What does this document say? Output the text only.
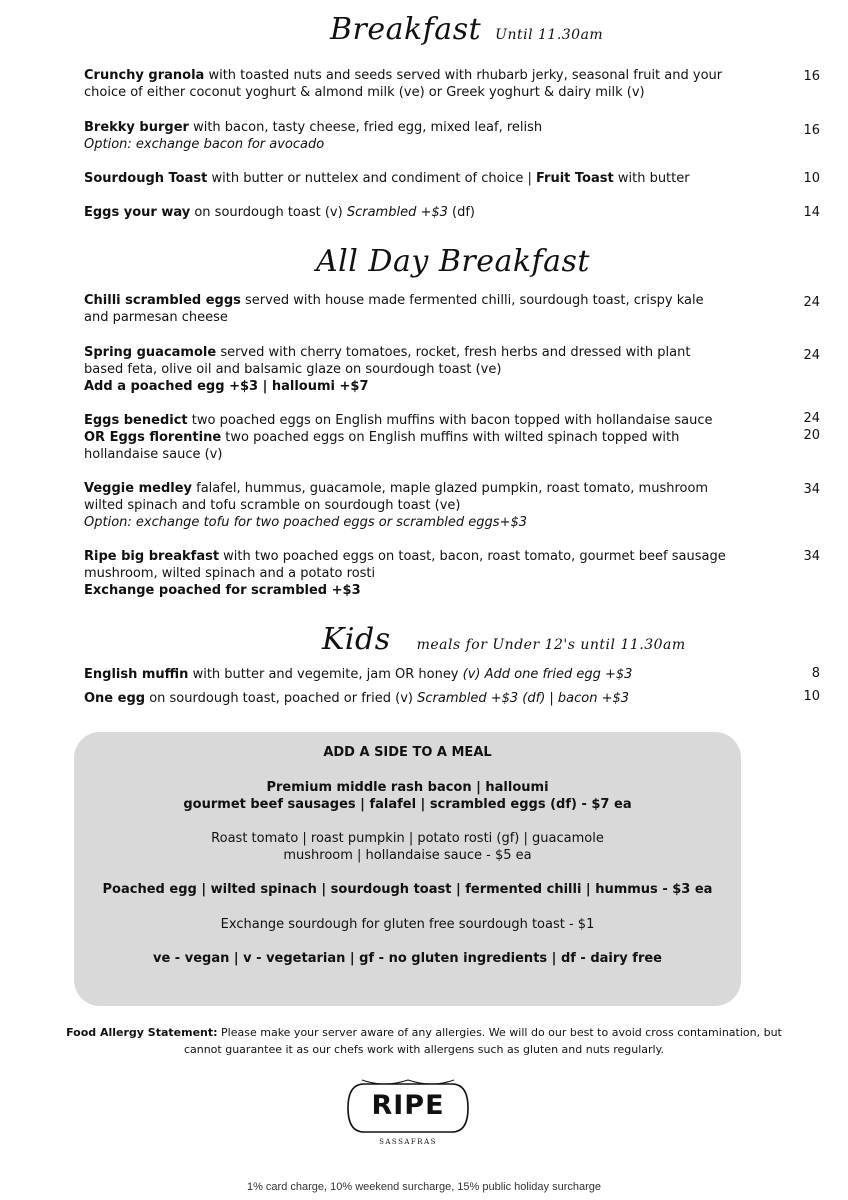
Breakfast Until 11.30am
Crunchy granola with toasted nuts and seeds served with rhubarb jerky, seasonal fruit and your
choice of either coconut yoghurt & almond milk (ve) or Greek yoghurt & dairy milk (v)
16
Brekky burger with bacon, tasty cheese, fried egg, mixed leaf, relish
Option: exchange bacon for avocado
16
Sourdough Toast with butter or nuttelex and condiment of choice | Fruit Toast with butter	10
Eggs your way on sourdough toast (v) Scrambled +$3 (df)	14
All Day Breakfast
Chilli scrambled eggs served with house made fermented chilli, sourdough toast, crispy kale
and parmesan cheese
24
Spring guacamole served with cherry tomatoes, rocket, fresh herbs and dressed with plant
based feta, olive oil and balsamic glaze on sourdough toast (ve)
Add a poached egg +$3 | halloumi +$7
24
Eggs benedict two poached eggs on English muffins with bacon topped with hollandaise sauce
OR Eggs florentine two poached eggs on English muffins with wilted spinach topped with
hollandaise sauce (v)
24
20
Veggie medley falafel, hummus, guacamole, maple glazed pumpkin, roast tomato, mushroom
wilted spinach and tofu scramble on sourdough toast (ve)
Option: exchange tofu for two poached eggs or scrambled eggs+$3
34
Ripe big breakfast with two poached eggs on toast, bacon, roast tomato, gourmet beef sausage
mushroom, wilted spinach and a potato rosti
Exchange poached for scrambled +$3
34
Kids meals for Under 12's until 11.30am
English muffin with butter and vegemite, jam OR honey (v) Add one fried egg +$3	8
One egg on sourdough toast, poached or fried (v) Scrambled +$3 (df) | bacon +$3	10
ADD A SIDE TO A MEAL
Premium middle rash bacon | halloumi
gourmet beef sausages | falafel | scrambled eggs (df) - $7 ea
Roast tomato | roast pumpkin | potato rosti (gf) | guacamole
mushroom | hollandaise sauce - $5 ea
Poached egg | wilted spinach | sourdough toast | fermented chilli | hummus - $3 ea
Exchange sourdough for gluten free sourdough toast - $1
ve - vegan | v - vegetarian | gf - no gluten ingredients | df - dairy free
Food Allergy Statement: Please make your server aware of any allergies. We will do our best to avoid cross contamination, but
cannot guarantee it as our chefs work with allergens such as gluten and nuts regularly.
RIPE
SASSAFRAS
1% card charge, 10% weekend surcharge, 15% public holiday surcharge
